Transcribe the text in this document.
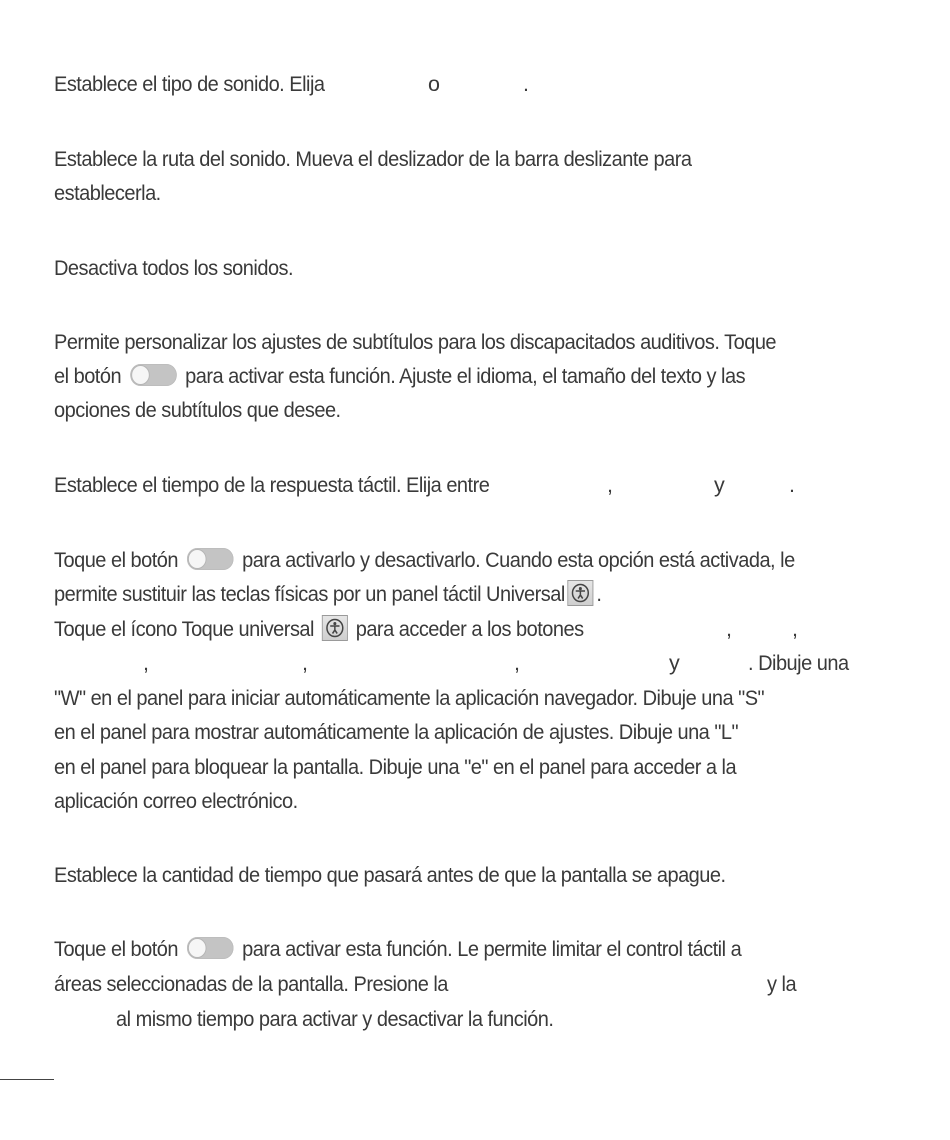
Establece el tipo de sonido. Elija	o	.
Establece la ruta del sonido. Mueva el deslizador de la barra deslizante para
establecerla.
Desactiva todos los sonidos.
Permite personalizar los ajustes de subtítulos para los discapacitados auditivos. Toque
el botón	para activar esta función. Ajuste el idioma, el tamaño del texto y las
opciones de subtítulos que desee.
Establece el tiempo de la respuesta táctil. Elija entre	,	y	.
Toque el botón	para activarlo y desactivarlo. Cuando esta opción está activada, le
permite sustituir las teclas físicas por un panel táctil Universal .
Toque el ícono Toque universal para acceder a los botones	,	,
,	,	,	y	. Dibuje una
"W" en el panel para iniciar automáticamente la aplicación navegador. Dibuje una "S"
en el panel para mostrar automáticamente la aplicación de ajustes. Dibuje una "L"
en el panel para bloquear la pantalla. Dibuje una "e" en el panel para acceder a la
aplicación correo electrónico.
Establece la cantidad de tiempo que pasará antes de que la pantalla se apague.
Toque el botón	para activar esta función. Le permite limitar el control táctil a
áreas seleccionadas de la pantalla. Presione la	y la
al mismo tiempo para activar y desactivar la función.
